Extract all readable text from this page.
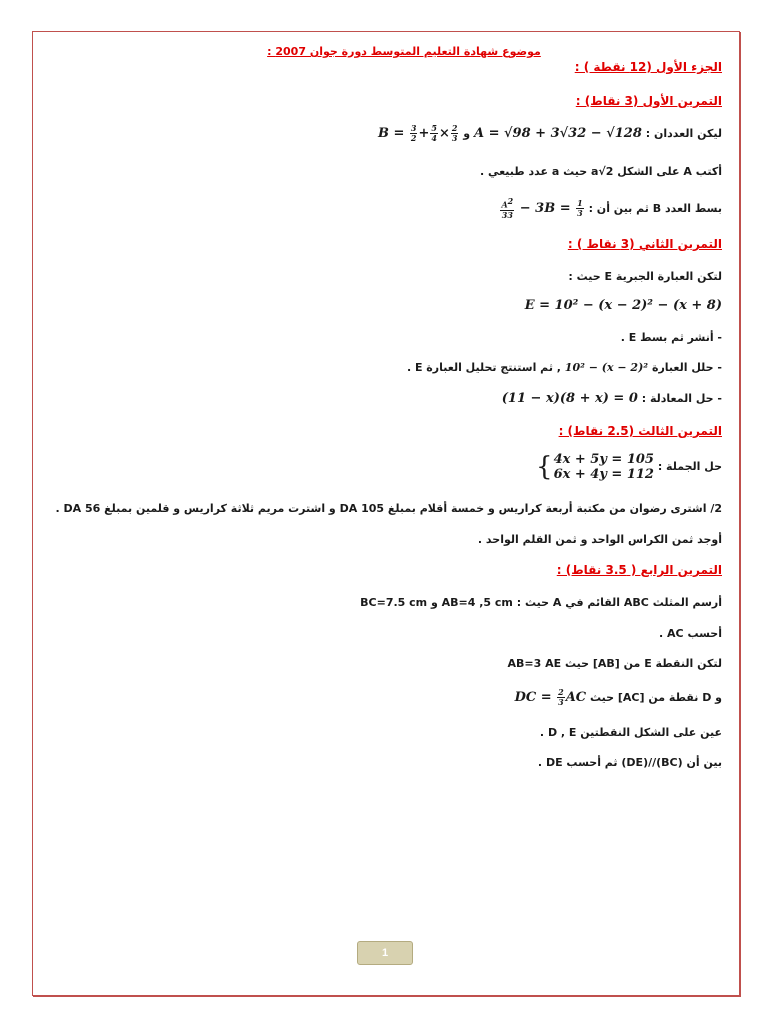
موضوع شهادة التعليم المتوسط دورة جوان 2007 :
الجزء الأول (12 نقطة ) :
التمرين الأول (3 نقاط) :
ليكن العددان : A = √98 + 3√32 − √128 و $B = \frac{3}{2} + \frac{5}{4} \times \frac{2}{3}$
أكتب A على الشكل a√2 حيث a عدد طبيعي .
بسط العدد B ثم بين أن :
$\frac{A^2}{33} - 3B = \frac{1}{3}$
التمرين الثاني (3 نقاط ) :
لتكن العبارة الجبرية E حيث :
E = 10² − (x − 2)² − (x + 8)
- أنشر ثم بسط E .
- حلل العبارة 10² − (x − 2)² , ثم استنتج تحليل العبارة E .
- حل المعادلة : (11 − x)(8 + x) = 0
التمرين الثالث (2.5 نقاط) :
حل الجملة :
{ 4x + 5y = 105
6x + 4y = 112
2/ اشترى رضوان من مكتبة أربعة كراريس و خمسة أقلام بمبلغ 105 DA و اشترت مريم ثلاثة كراريس و قلمين بمبلغ 56 DA .
أوجد ثمن الكراس الواحد و ثمن القلم الواحد .
التمرين الرابع ( 3.5 نقاط) :
أرسم المثلث ABC القائم في A حيث : AB=4 ,5 cm و BC=7.5 cm
أحسب AC .
لتكن النقطة E من [AB] حيث AB=3 AE
و D نقطة من [AC] حيث DC = $\frac{2}{3}$ AC
عين على الشكل النقطتين D , E .
بين أن (BC)//(DE) ثم أحسب DE .
1
